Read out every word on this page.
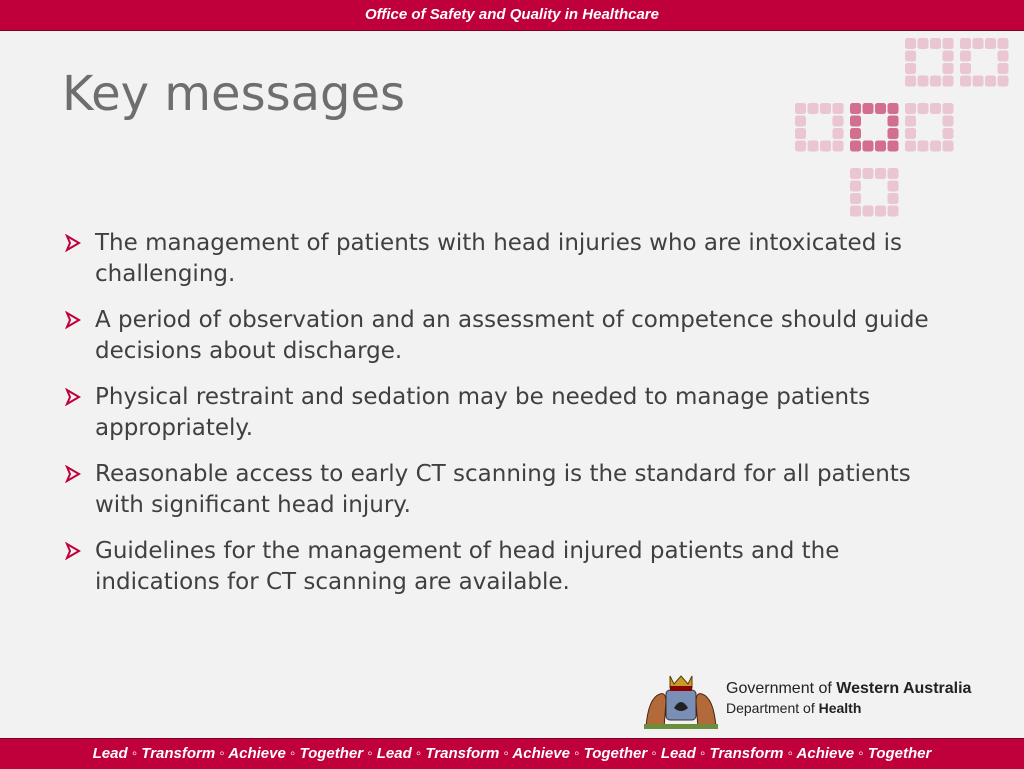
Office of Safety and Quality in Healthcare
Key messages
The management of patients with head injuries who are intoxicated is challenging.
A period of observation and an assessment of competence should guide decisions about discharge.
Physical restraint and sedation may be needed to manage patients appropriately.
Reasonable access to early CT scanning is the standard for all patients with significant head injury.
Guidelines for the management of head injured patients and the indications for CT scanning are available.
Government of Western Australia
Department of Health
Lead ◦ Transform ◦ Achieve ◦ Together ◦ Lead ◦ Transform ◦ Achieve ◦ Together ◦ Lead ◦ Transform ◦ Achieve ◦ Together
